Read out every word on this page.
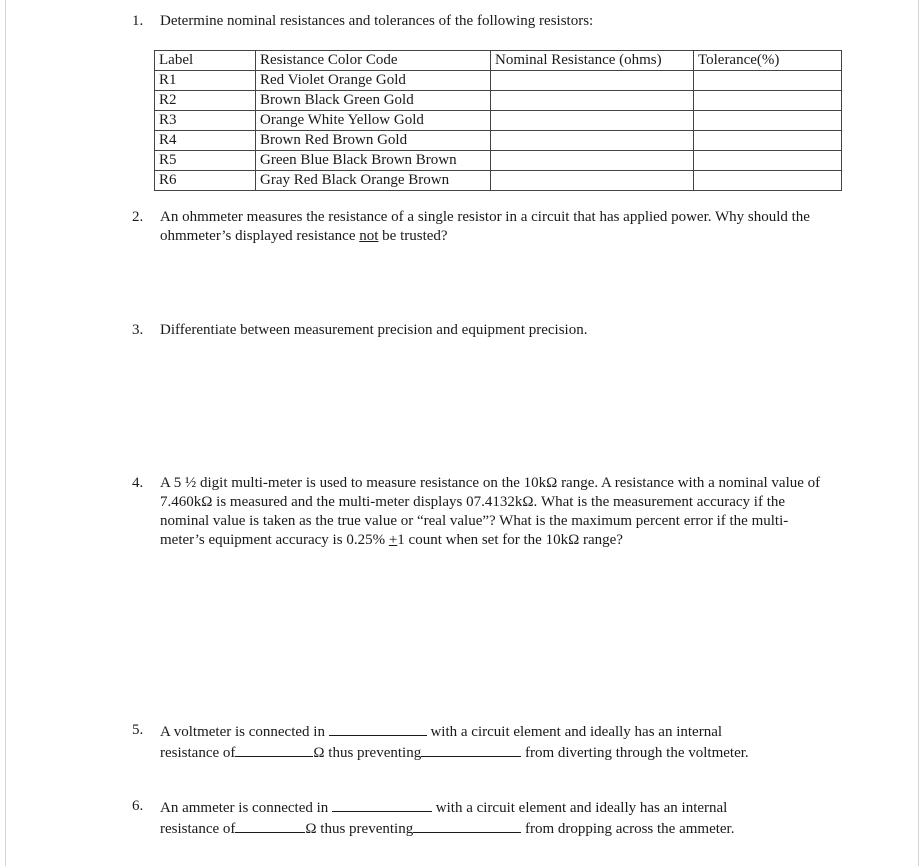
1.	Determine nominal resistances and tolerances of the following resistors:
Label	Resistance Color Code	Nominal Resistance (ohms)	Tolerance(%)
R1	Red Violet Orange Gold		
R2	Brown Black Green Gold		
R3	Orange White Yellow Gold		
R4	Brown Red Brown Gold		
R5	Green Blue Black Brown Brown		
R6	Gray Red Black Orange Brown		
2.	An ohmmeter measures the resistance of a single resistor in a circuit that has applied power. Why should the ohmmeter’s displayed resistance not be trusted?
3.	Differentiate between measurement precision and equipment precision.
4.	A 5 ½ digit multi-meter is used to measure resistance on the 10kΩ range. A resistance with a nominal value of 7.460kΩ is measured and the multi-meter displays 07.4132kΩ. What is the measurement accuracy if the nominal value is taken as the true value or “real value”? What is the maximum percent error if the multi-meter’s equipment accuracy is 0.25% +1 count when set for the 10kΩ range?
5.	A voltmeter is connected in	with a circuit element and ideally has an internal
resistance of	Ω thus preventing	from diverting through the voltmeter.
6.	An ammeter is connected in	with a circuit element and ideally has an internal
resistance of	Ω thus preventing	from dropping across the ammeter.
